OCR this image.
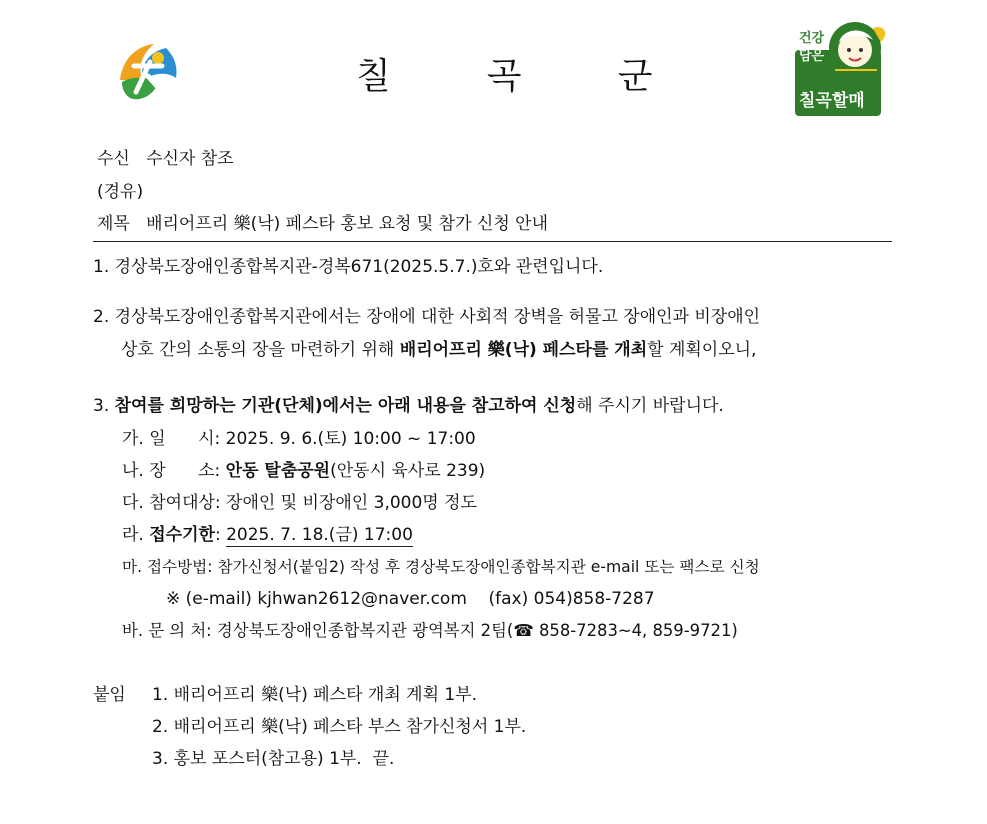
칠 곡 군
건강
담은
칠곡할매
수신 수신자 참조
(경유)
제목 배리어프리 樂(낙) 페스타 홍보 요청 및 참가 신청 안내
1. 경상북도장애인종합복지관-경복671(2025.5.7.)호와 관련입니다.
2. 경상북도장애인종합복지관에서는 장애에 대한 사회적 장벽을 허물고 장애인과 비장애인
상호 간의 소통의 장을 마련하기 위해 배리어프리 樂(낙) 페스타를 개최할 계획이오니,
3. 참여를 희망하는 기관(단체)에서는 아래 내용을 참고하여 신청해 주시기 바랍니다.
가. 일      시: 2025. 9. 6.(토) 10:00 ~ 17:00
나. 장      소: 안동 탈춤공원(안동시 육사로 239)
다. 참여대상: 장애인 및 비장애인 3,000명 정도
라. 접수기한: 2025. 7. 18.(금) 17:00
마. 접수방법: 참가신청서(붙임2) 작성 후 경상북도장애인종합복지관 e-mail 또는 팩스로 신청
※ (e-mail) kjhwan2612@naver.com    (fax) 054)858-7287
바. 문 의 처: 경상북도장애인종합복지관 광역복지 2팀(☎ 858-7283~4, 859-9721)
붙임 1. 배리어프리 樂(낙) 페스타 개최 계획 1부.
2. 배리어프리 樂(낙) 페스타 부스 참가신청서 1부.
3. 홍보 포스터(참고용) 1부.  끝.
